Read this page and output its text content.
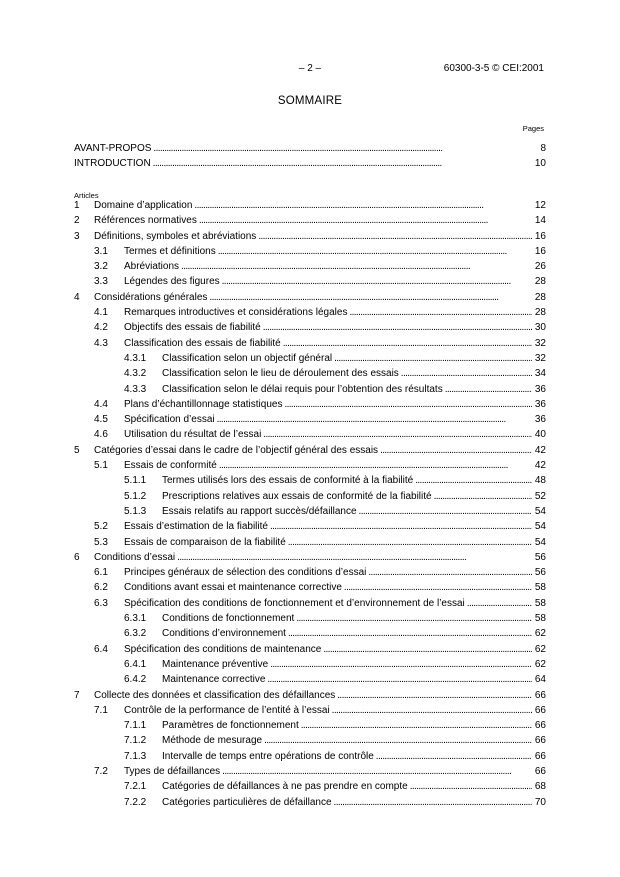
– 2 –	60300-3-5 © CEI:2001
SOMMAIRE
Pages
AVANT-PROPOS . . .	8
INTRODUCTION . . .	10
Articles
1	Domaine d’application . . .	12
2	Références normatives . . .	14
3	Définitions, symboles et abréviations . . .	16
3.1	Termes et définitions . . .	16
3.2	Abréviations . . .	26
3.3	Légendes des figures . . .	28
4	Considérations générales . . .	28
4.1	Remarques introductives et considérations légales . . .	28
4.2	Objectifs des essais de fiabilité . . .	30
4.3	Classification des essais de fiabilité . . .	32
4.3.1	Classification selon un objectif général . . .	32
4.3.2	Classification selon le lieu de déroulement des essais . . .	34
4.3.3	Classification selon le délai requis pour l’obtention des résultats . . .	36
4.4	Plans d’échantillonnage statistiques . . .	36
4.5	Spécification d’essai . . .	36
4.6	Utilisation du résultat de l’essai . . .	40
5	Catégories d’essai dans le cadre de l’objectif général des essais . . .	42
5.1	Essais de conformité . . .	42
5.1.1	Termes utilisés lors des essais de conformité à la fiabilité . . .	48
5.1.2	Prescriptions relatives aux essais de conformité de la fiabilité . . .	52
5.1.3	Essais relatifs au rapport succès/défaillance . . .	54
5.2	Essais d’estimation de la fiabilité . . .	54
5.3	Essais de comparaison de la fiabilité . . .	54
6	Conditions d’essai . . .	56
6.1	Principes généraux de sélection des conditions d’essai . . .	56
6.2	Conditions avant essai et maintenance corrective . . .	58
6.3	Spécification des conditions de fonctionnement et d’environnement de l’essai . . .	58
6.3.1	Conditions de fonctionnement . . .	58
6.3.2	Conditions d’environnement . . .	62
6.4	Spécification des conditions de maintenance . . .	62
6.4.1	Maintenance préventive . . .	62
6.4.2	Maintenance corrective . . .	64
7	Collecte des données et classification des défaillances . . .	66
7.1	Contrôle de la performance de l’entité à l’essai . . .	66
7.1.1	Paramètres de fonctionnement . . .	66
7.1.2	Méthode de mesurage . . .	66
7.1.3	Intervalle de temps entre opérations de contrôle . . .	66
7.2	Types de défaillances . . .	66
7.2.1	Catégories de défaillances à ne pas prendre en compte . . .	68
7.2.2	Catégories particulières de défaillance . . .	70
